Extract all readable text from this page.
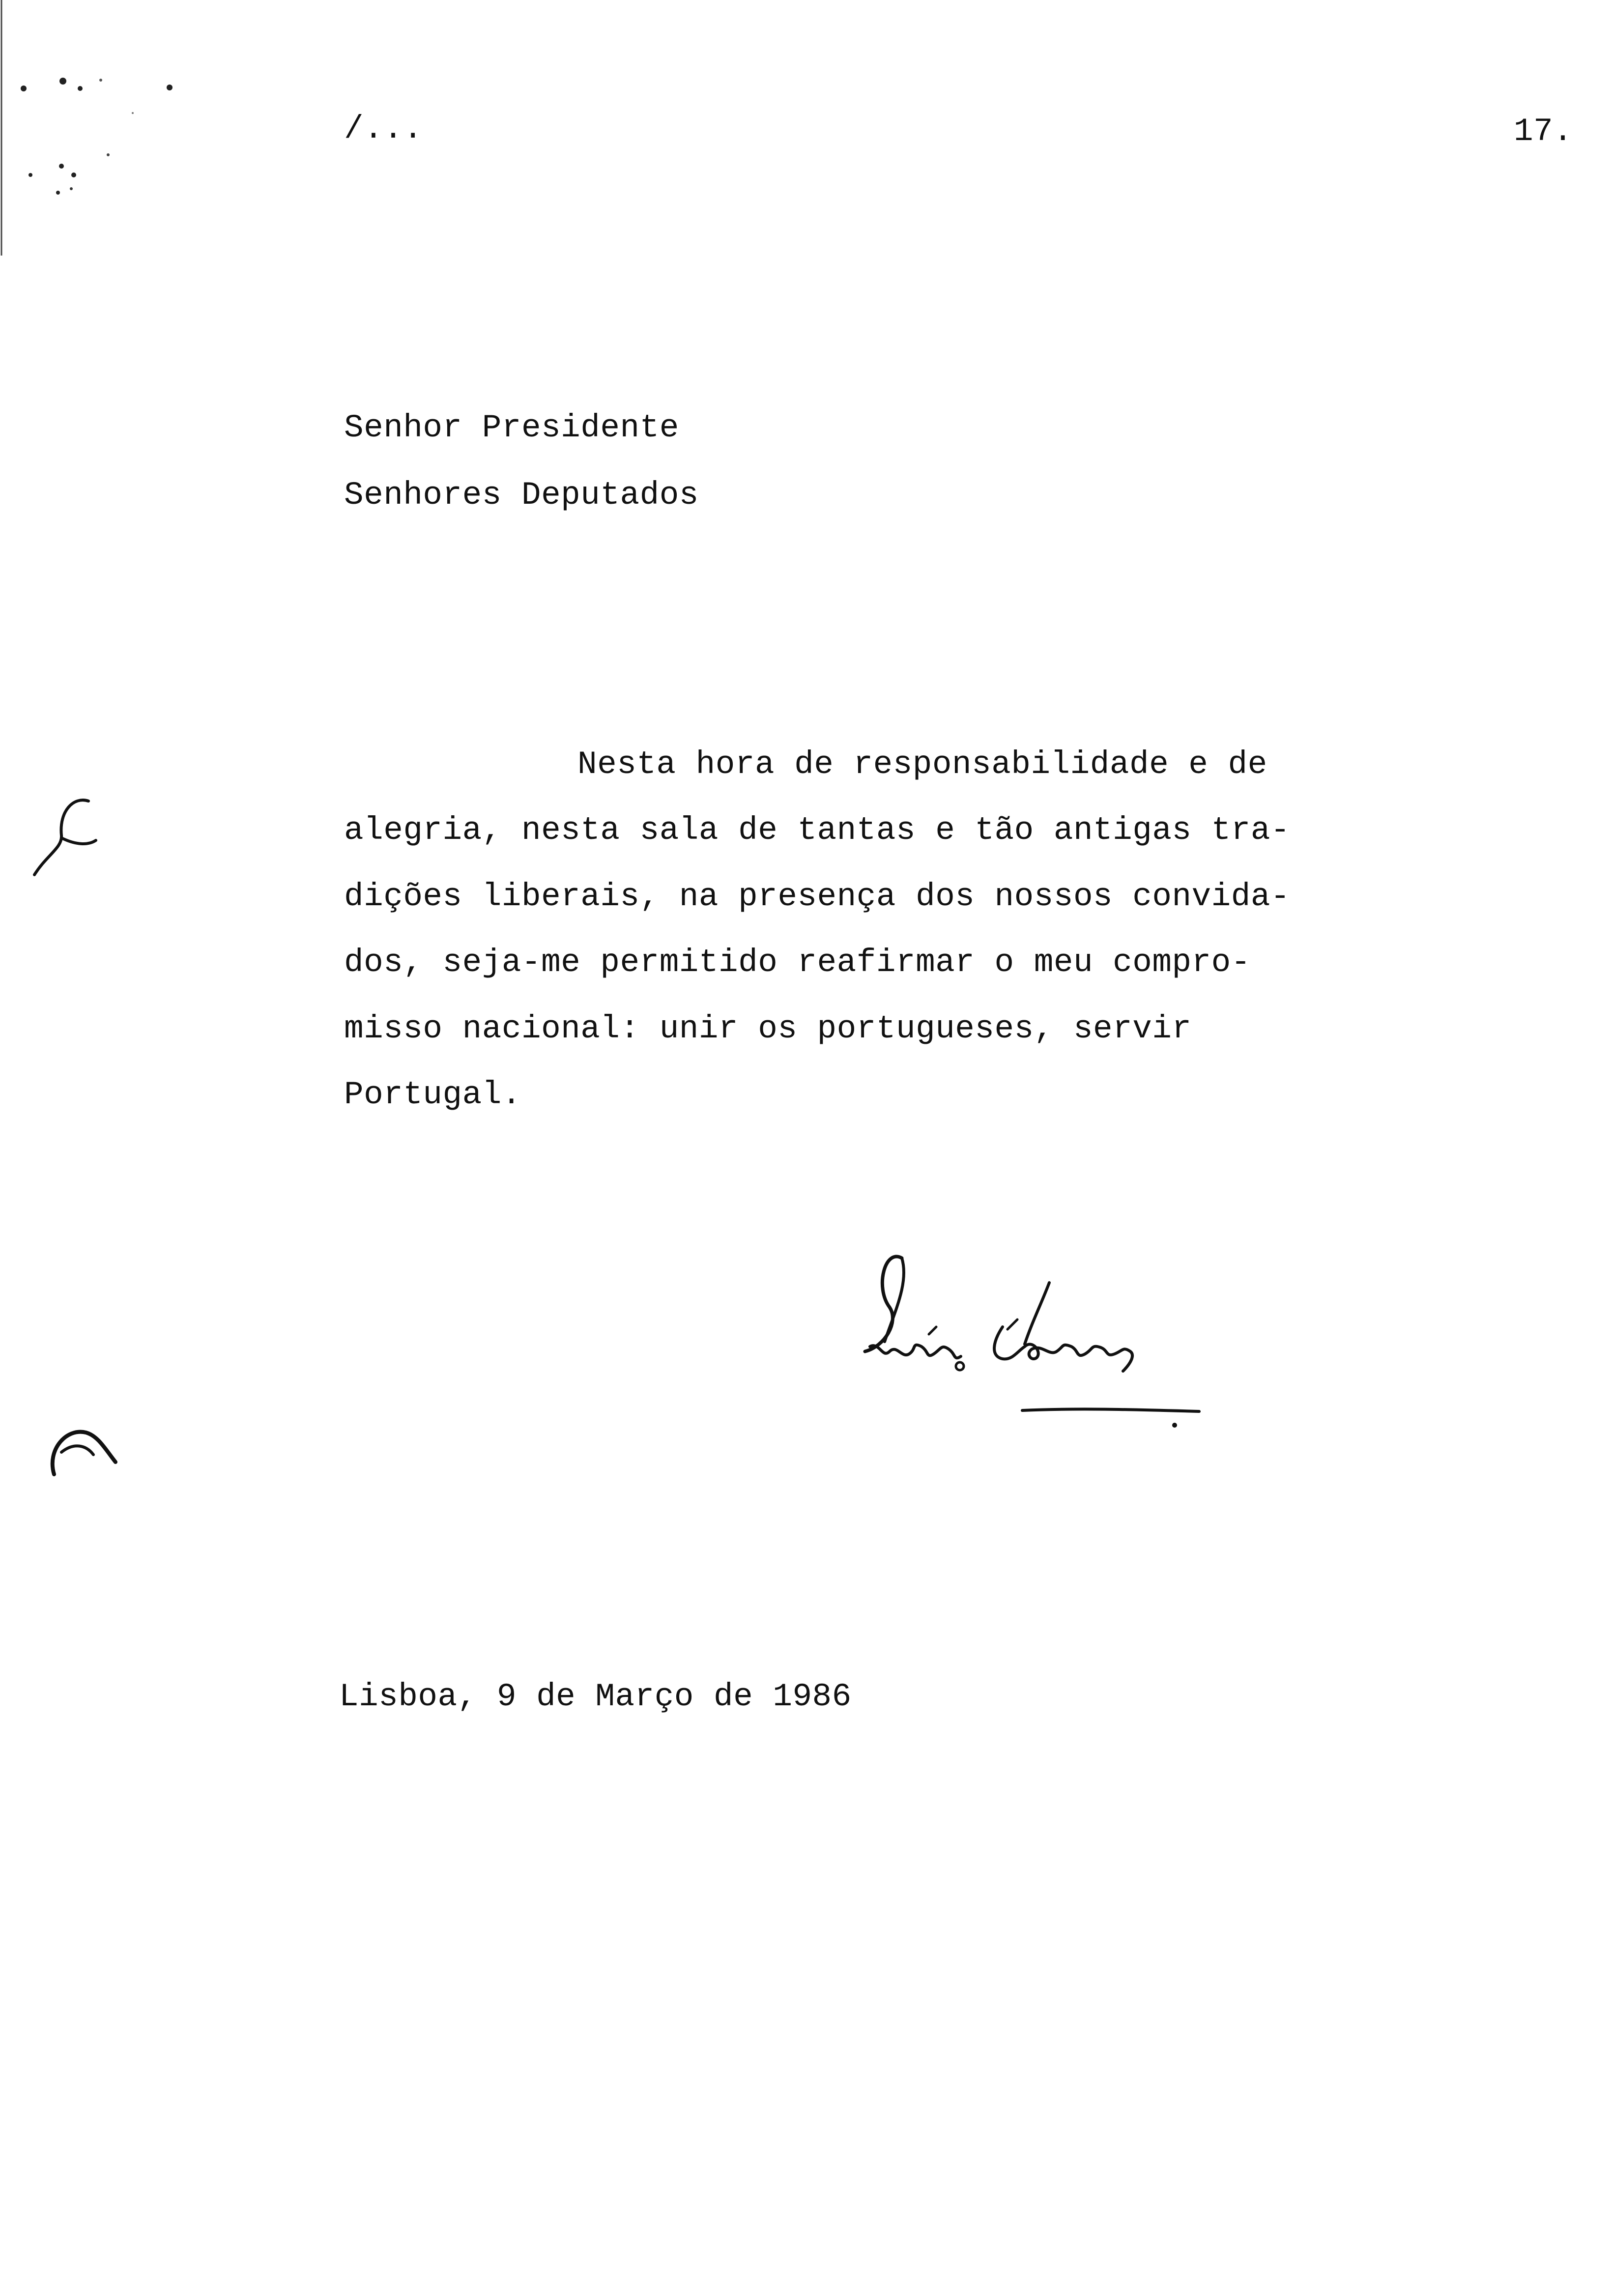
/...	17.
Senhor Presidente
Senhores Deputados
Nesta hora de responsabilidade e de
alegria, nesta sala de tantas e tão antigas tra-
dições liberais, na presença dos nossos convida-
dos, seja-me permitido reafirmar o meu compro-
misso nacional: unir os portugueses, servir
Portugal.
Lisboa, 9 de Março de 1986
